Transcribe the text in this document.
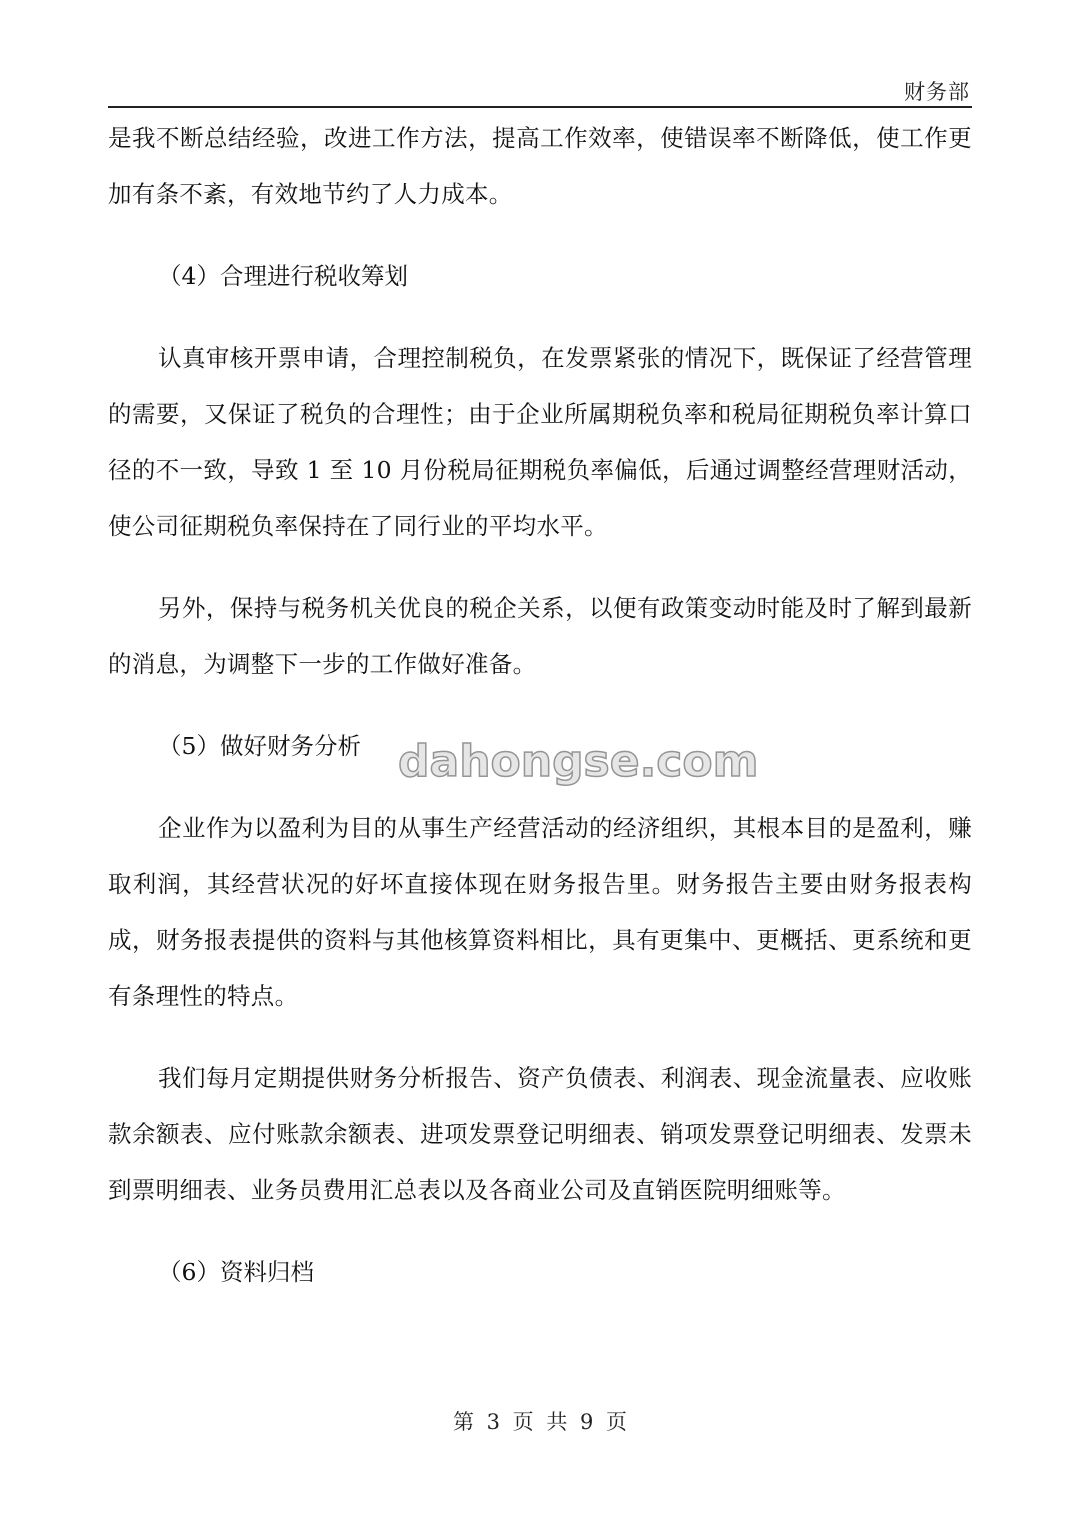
财务部

是我不断总结经验，改进工作方法，提高工作效率，使错误率不断降低，使工作更加有条不紊，有效地节约了人力成本。

（4）合理进行税收筹划

认真审核开票申请，合理控制税负，在发票紧张的情况下，既保证了经营管理的需要，又保证了税负的合理性；由于企业所属期税负率和税局征期税负率计算口径的不一致，导致 1 至 10 月份税局征期税负率偏低，后通过调整经营理财活动，使公司征期税负率保持在了同行业的平均水平。

另外，保持与税务机关优良的税企关系，以便有政策变动时能及时了解到最新的消息，为调整下一步的工作做好准备。

（5）做好财务分析

企业作为以盈利为目的从事生产经营活动的经济组织，其根本目的是盈利，赚取利润，其经营状况的好坏直接体现在财务报告里。财务报告主要由财务报表构成，财务报表提供的资料与其他核算资料相比，具有更集中、更概括、更系统和更有条理性的特点。

我们每月定期提供财务分析报告、资产负债表、利润表、现金流量表、应收账款余额表、应付账款余额表、进项发票登记明细表、销项发票登记明细表、发票未到票明细表、业务员费用汇总表以及各商业公司及直销医院明细账等。

（6）资料归档

dahongse.com
第 3 页 共 9 页
